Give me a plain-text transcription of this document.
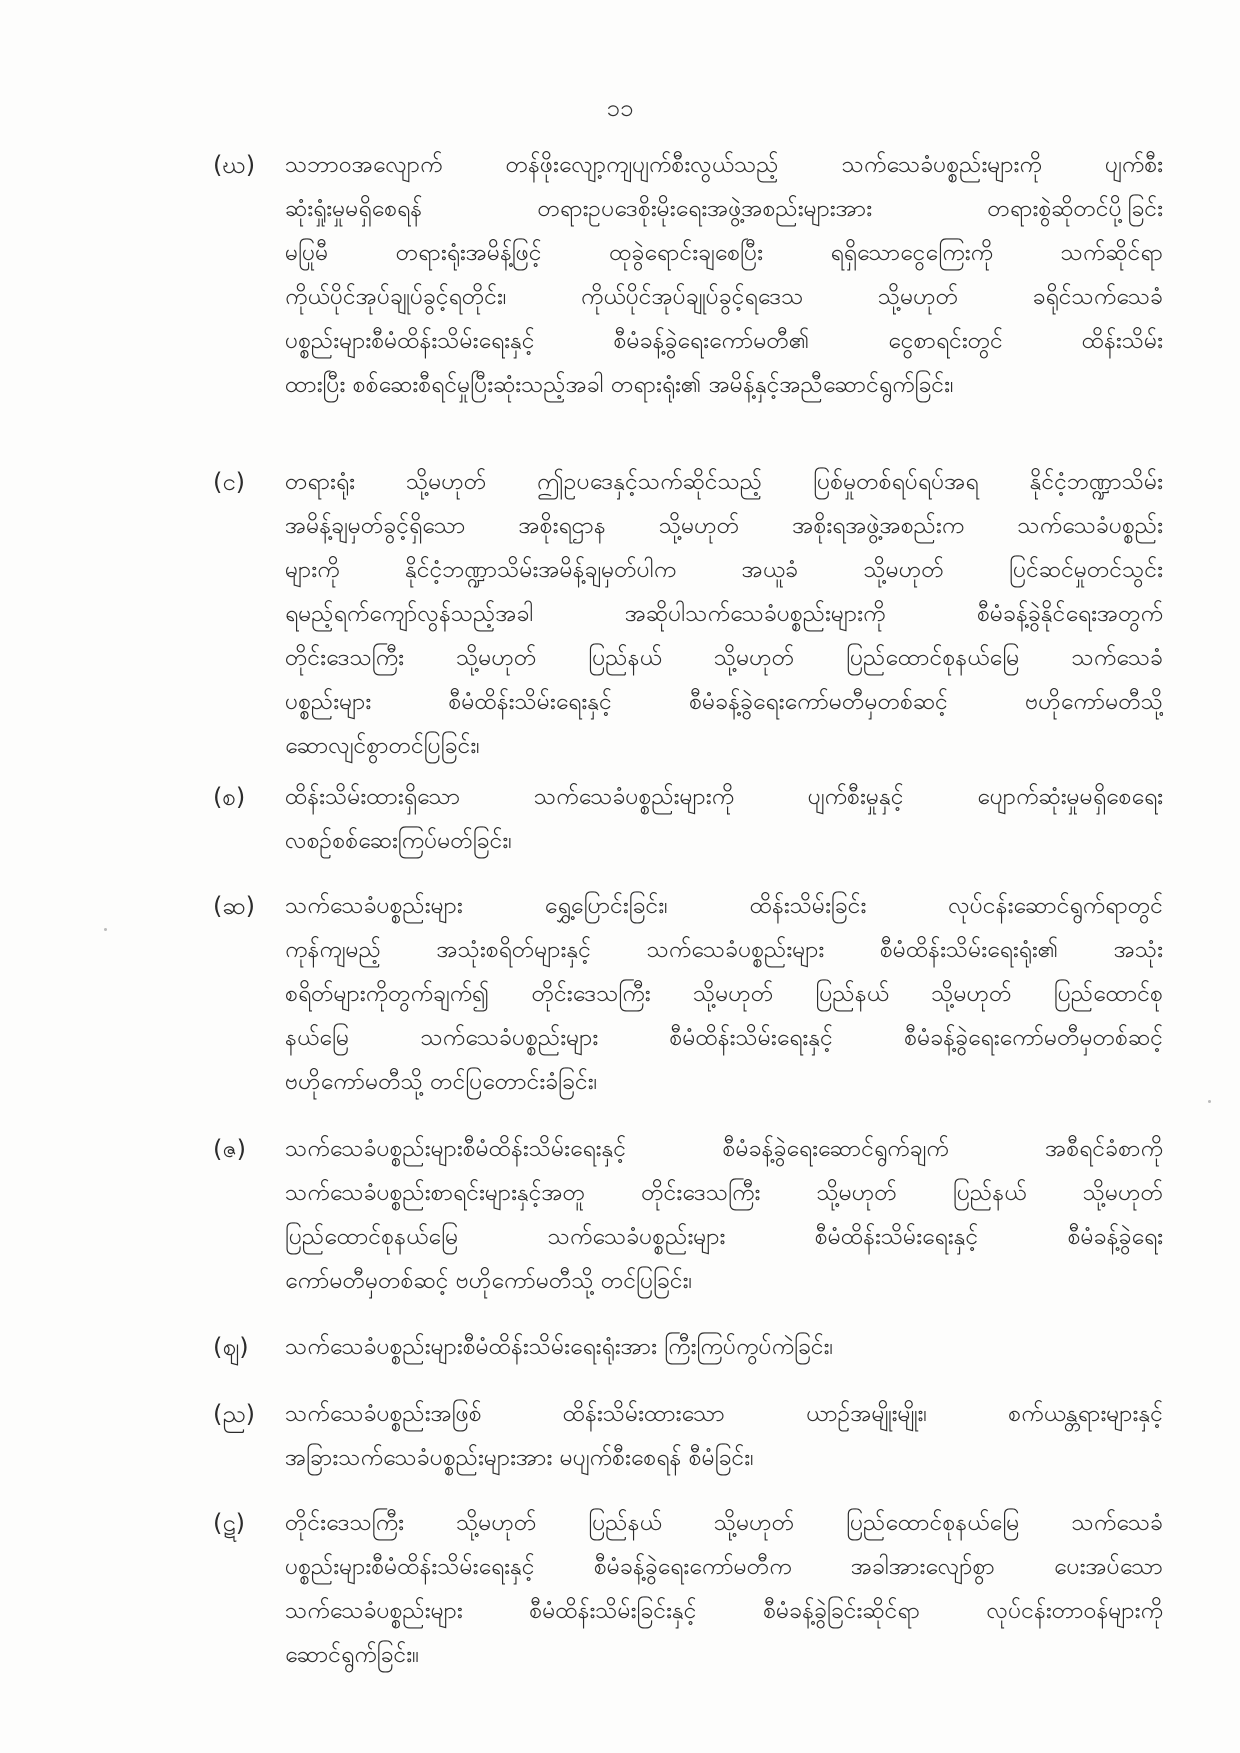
၁၁
(ဃ)	သဘာဝအလျောက် တန်ဖိုးလျော့ကျပျက်စီးလွယ်သည့် သက်သေခံပစ္စည်းများကို ပျက်စီး
ဆုံးရှုံးမှုမရှိစေရန် တရားဥပဒေစိုးမိုးရေးအဖွဲ့အစည်းများအား တရားစွဲဆိုတင်ပို့ခြင်း
မပြုမီ တရားရုံးအမိန့်ဖြင့် ထုခွဲရောင်းချစေပြီး ရရှိသောငွေကြေးကို သက်ဆိုင်ရာ
ကိုယ်ပိုင်အုပ်ချုပ်ခွင့်ရတိုင်း၊ ကိုယ်ပိုင်အုပ်ချုပ်ခွင့်ရဒေသ သို့မဟုတ် ခရိုင်သက်သေခံ
ပစ္စည်းများစီမံထိန်းသိမ်းရေးနှင့် စီမံခန့်ခွဲရေးကော်မတီ၏ ငွေစာရင်းတွင် ထိန်းသိမ်း
ထားပြီး စစ်ဆေးစီရင်မှုပြီးဆုံးသည့်အခါ တရားရုံး၏ အမိန့်နှင့်အညီဆောင်ရွက်ခြင်း၊
(င)	တရားရုံး သို့မဟုတ် ဤဥပဒေနှင့်သက်ဆိုင်သည့် ပြစ်မှုတစ်ရပ်ရပ်အရ နိုင်ငံ့ဘဏ္ဍာသိမ်း
အမိန့်ချမှတ်ခွင့်ရှိသော အစိုးရဌာန သို့မဟုတ် အစိုးရအဖွဲ့အစည်းက သက်သေခံပစ္စည်း
များကို နိုင်ငံ့ဘဏ္ဍာသိမ်းအမိန့်ချမှတ်ပါက အယူခံ သို့မဟုတ် ပြင်ဆင်မှုတင်သွင်း
ရမည့်ရက်ကျော်လွန်သည့်အခါ အဆိုပါသက်သေခံပစ္စည်းများကို စီမံခန့်ခွဲနိုင်ရေးအတွက်
တိုင်းဒေသကြီး သို့မဟုတ် ပြည်နယ် သို့မဟုတ် ပြည်ထောင်စုနယ်မြေ သက်သေခံ
ပစ္စည်းများ စီမံထိန်းသိမ်းရေးနှင့် စီမံခန့်ခွဲရေးကော်မတီမှတစ်ဆင့် ဗဟိုကော်မတီသို့
ဆောလျင်စွာတင်ပြခြင်း၊
(စ)	ထိန်းသိမ်းထားရှိသော သက်သေခံပစ္စည်းများကို ပျက်စီးမှုနှင့် ပျောက်ဆုံးမှုမရှိစေရေး
လစဉ်စစ်ဆေးကြပ်မတ်ခြင်း၊
(ဆ)	သက်သေခံပစ္စည်းများ ရွှေ့ပြောင်းခြင်း၊ ထိန်းသိမ်းခြင်း လုပ်ငန်းဆောင်ရွက်ရာတွင်
ကုန်ကျမည့် အသုံးစရိတ်များနှင့် သက်သေခံပစ္စည်းများ စီမံထိန်းသိမ်းရေးရုံး၏ အသုံး
စရိတ်များကိုတွက်ချက်၍ တိုင်းဒေသကြီး သို့မဟုတ် ပြည်နယ် သို့မဟုတ် ပြည်ထောင်စု
နယ်မြေ သက်သေခံပစ္စည်းများ စီမံထိန်းသိမ်းရေးနှင့် စီမံခန့်ခွဲရေးကော်မတီမှတစ်ဆင့်
ဗဟိုကော်မတီသို့ တင်ပြတောင်းခံခြင်း၊
(ဇ)	သက်သေခံပစ္စည်းများစီမံထိန်းသိမ်းရေးနှင့် စီမံခန့်ခွဲရေးဆောင်ရွက်ချက် အစီရင်ခံစာကို
သက်သေခံပစ္စည်းစာရင်းများနှင့်အတူ တိုင်းဒေသကြီး သို့မဟုတ် ပြည်နယ် သို့မဟုတ်
ပြည်ထောင်စုနယ်မြေ သက်သေခံပစ္စည်းများ စီမံထိန်းသိမ်းရေးနှင့် စီမံခန့်ခွဲရေး
ကော်မတီမှတစ်ဆင့် ဗဟိုကော်မတီသို့ တင်ပြခြင်း၊
(ဈ)	သက်သေခံပစ္စည်းများစီမံထိန်းသိမ်းရေးရုံးအား ကြီးကြပ်ကွပ်ကဲခြင်း၊
(ည)	သက်သေခံပစ္စည်းအဖြစ် ထိန်းသိမ်းထားသော ယာဉ်အမျိုးမျိုး၊ စက်ယန္တရားများနှင့်
အခြားသက်သေခံပစ္စည်းများအား မပျက်စီးစေရန် စီမံခြင်း၊
(ဋ)	တိုင်းဒေသကြီး သို့မဟုတ် ပြည်နယ် သို့မဟုတ် ပြည်ထောင်စုနယ်မြေ သက်သေခံ
ပစ္စည်းများစီမံထိန်းသိမ်းရေးနှင့် စီမံခန့်ခွဲရေးကော်မတီက အခါအားလျော်စွာ ပေးအပ်သော
သက်သေခံပစ္စည်းများ စီမံထိန်းသိမ်းခြင်းနှင့် စီမံခန့်ခွဲခြင်းဆိုင်ရာ လုပ်ငန်းတာဝန်များကို
ဆောင်ရွက်ခြင်း။
